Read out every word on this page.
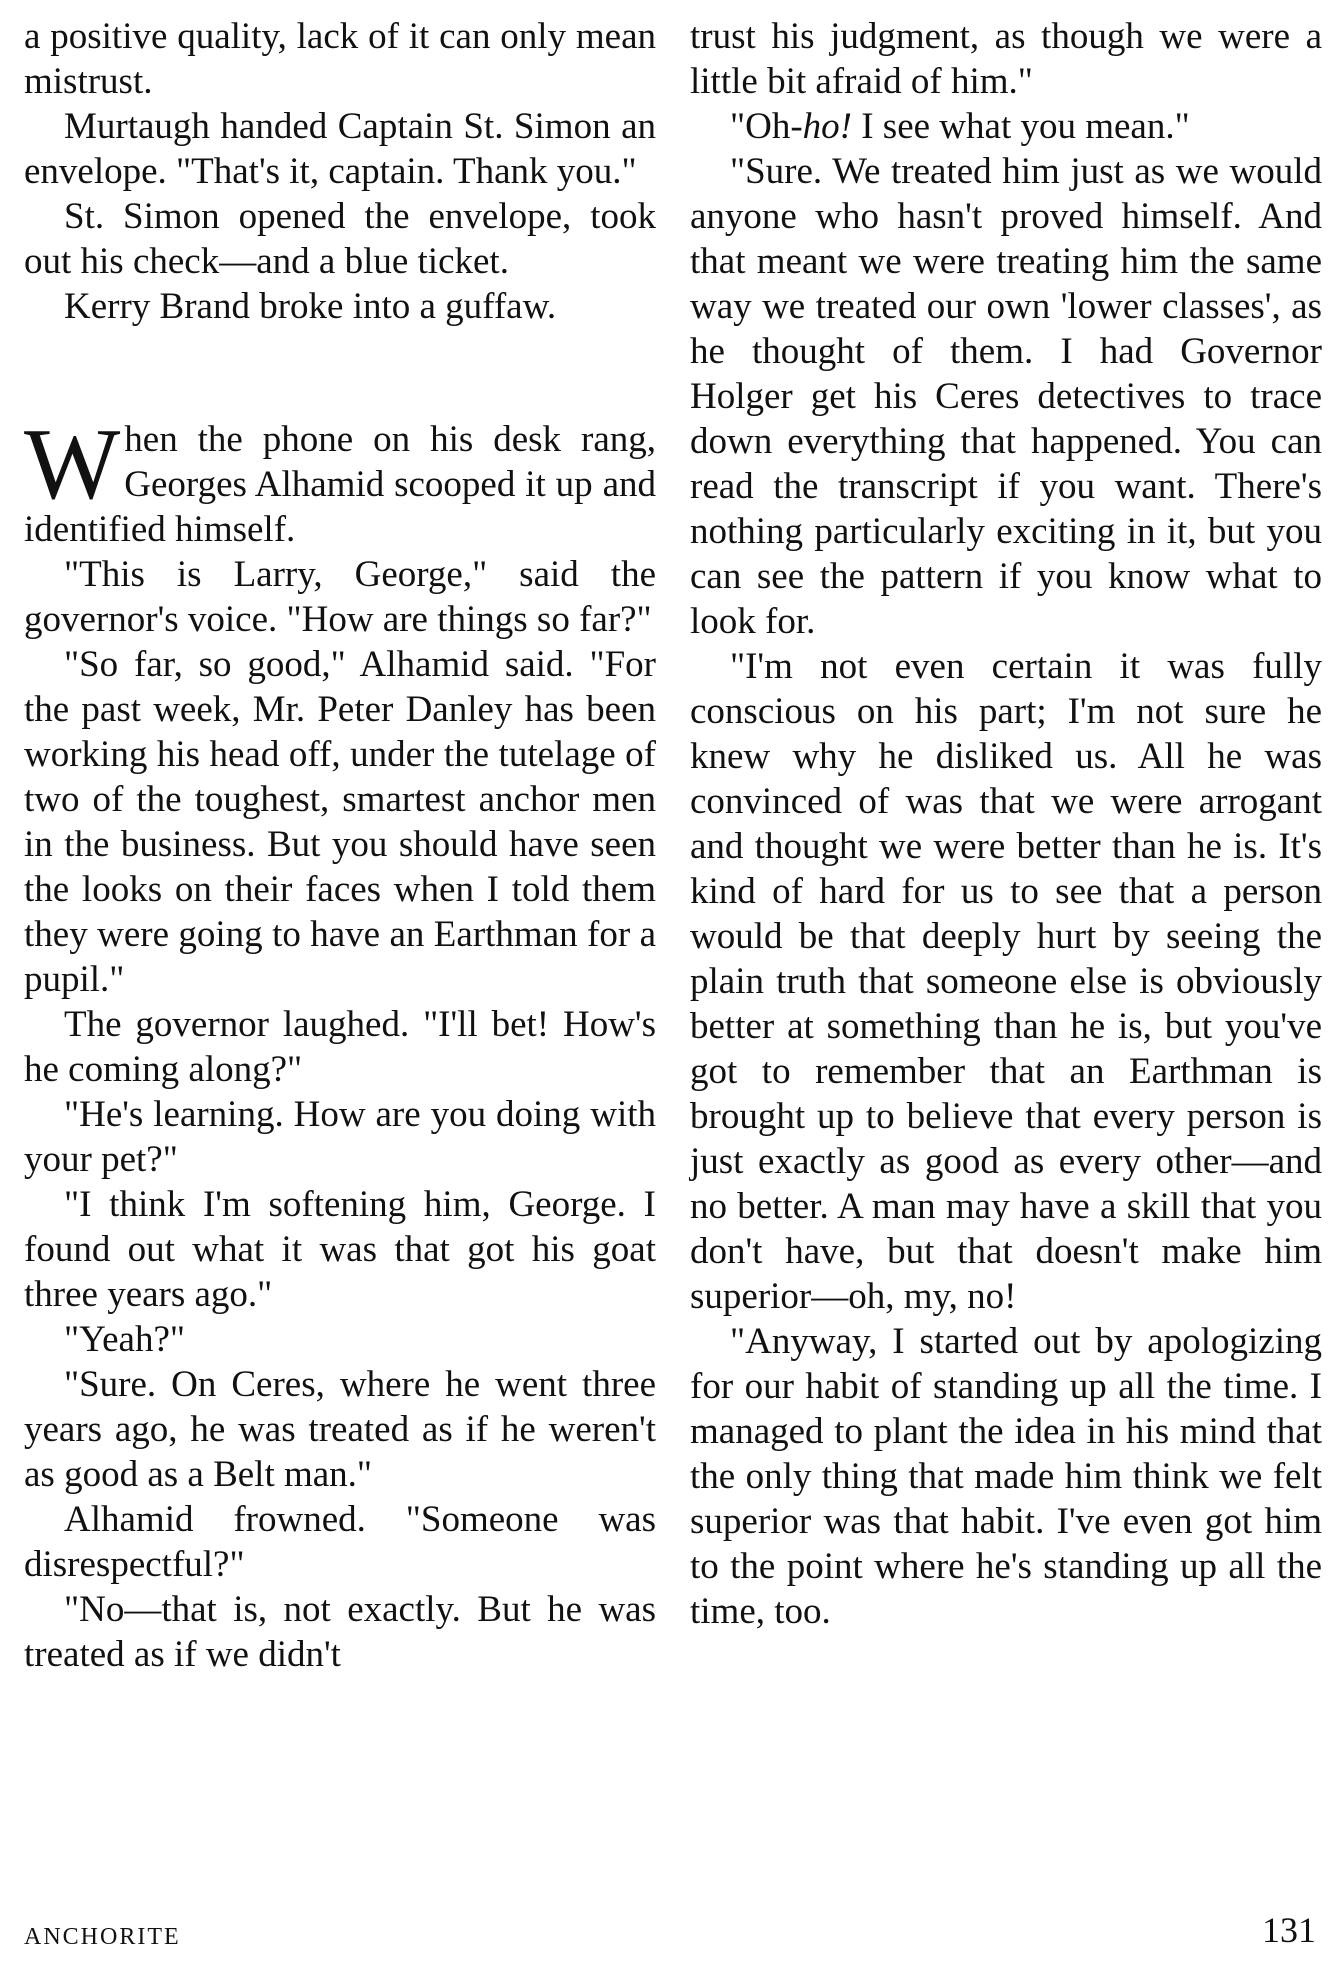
a positive quality, lack of it can only mean mistrust.

Murtaugh handed Captain St. Simon an envelope. "That's it, captain. Thank you."

St. Simon opened the envelope, took out his check—and a blue ticket.

Kerry Brand broke into a guffaw.

When the phone on his desk rang, Georges Alhamid scooped it up and identified himself.

"This is Larry, George," said the governor's voice. "How are things so far?"

"So far, so good," Alhamid said. "For the past week, Mr. Peter Danley has been working his head off, under the tutelage of two of the toughest, smartest anchor men in the business. But you should have seen the looks on their faces when I told them they were going to have an Earthman for a pupil."

The governor laughed. "I'll bet! How's he coming along?"

"He's learning. How are you doing with your pet?"

"I think I'm softening him, George. I found out what it was that got his goat three years ago."

"Yeah?"

"Sure. On Ceres, where he went three years ago, he was treated as if he weren't as good as a Belt man."

Alhamid frowned. "Someone was disrespectful?"

"No—that is, not exactly. But he was treated as if we didn't

trust his judgment, as though we were a little bit afraid of him."

"Oh-ho! I see what you mean."

"Sure. We treated him just as we would anyone who hasn't proved himself. And that meant we were treating him the same way we treated our own 'lower classes', as he thought of them. I had Governor Holger get his Ceres detectives to trace down everything that happened. You can read the transcript if you want. There's nothing particularly exciting in it, but you can see the pattern if you know what to look for.

"I'm not even certain it was fully conscious on his part; I'm not sure he knew why he disliked us. All he was convinced of was that we were arrogant and thought we were better than he is. It's kind of hard for us to see that a person would be that deeply hurt by seeing the plain truth that someone else is obviously better at something than he is, but you've got to remember that an Earthman is brought up to believe that every person is just exactly as good as every other—and no better. A man may have a skill that you don't have, but that doesn't make him superior—oh, my, no!

"Anyway, I started out by apologizing for our habit of standing up all the time. I managed to plant the idea in his mind that the only thing that made him think we felt superior was that habit. I've even got him to the point where he's standing up all the time, too.

ANCHORITE	131
